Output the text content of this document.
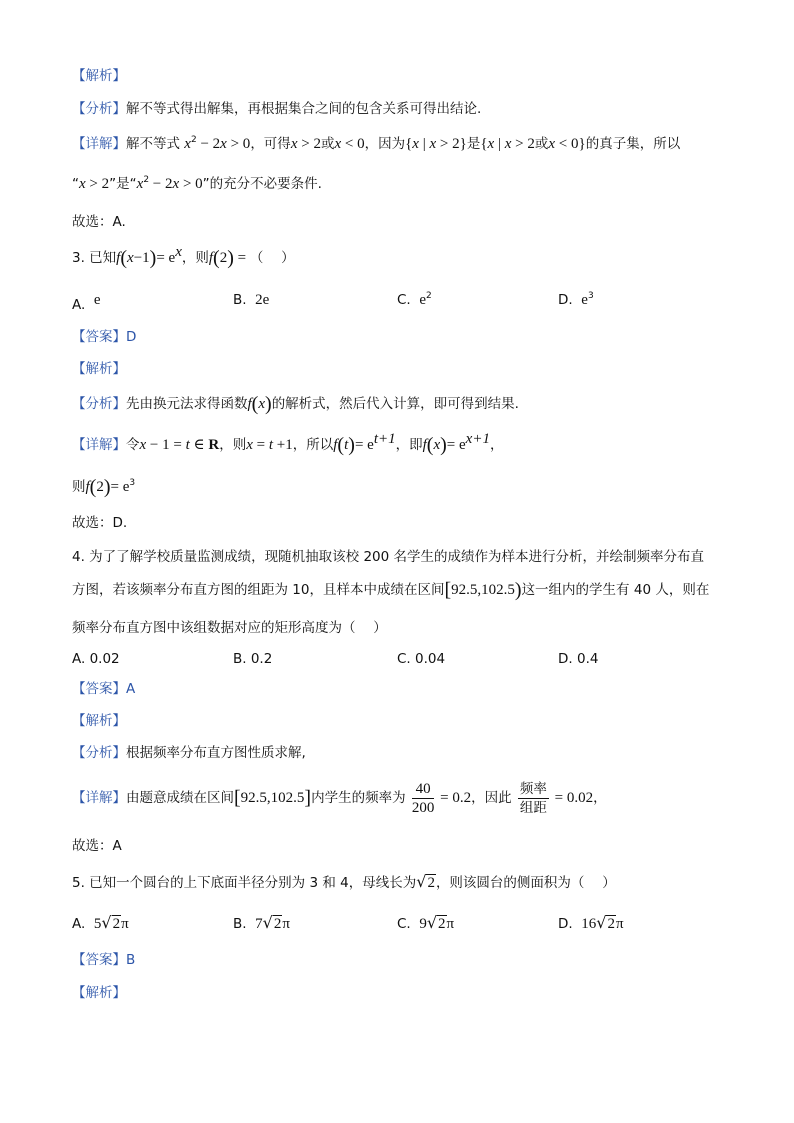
【解析】
【分析】解不等式得出解集，再根据集合之间的包含关系可得出结论.
【详解】解不等式 $x^2 - 2x > 0$，可得x > 2或x < 0，因为{x | x > 2}是{x | x > 2或x < 0}的真子集，所以
“x > 2”是“$x^2 - 2x > 0$”的充分不必要条件.
故选：A.
3. 已知$f(x-1)= e^x$，则f(2) = （　 ）
A. e	B. 2e	C. $e^2$	D. $e^3$
【答案】D
【解析】
【分析】先由换元法求得函数f(x)的解析式，然后代入计算，即可得到结果.
【详解】令x − 1 = t ∈ R，则x = t +1，所以$f(t)= e^{t+1}$，即$f(x)= e^{x+1}$，
则$f(2)= e^3$
故选：D.
4. 为了了解学校质量监测成绩，现随机抽取该校 200 名学生的成绩作为样本进行分析，并绘制频率分布直
方图，若该频率分布直方图的组距为 10，且样本中成绩在区间[92.5,102.5)这一组内的学生有 40 人，则在
频率分布直方图中该组数据对应的矩形高度为（　 ）
A. 0.02	B. 0.2	C. 0.04	D. 0.4
【答案】A
【解析】
【分析】根据频率分布直方图性质求解,
【详解】由题意成绩在区间[92.5,102.5]内学生的频率为 $\frac{40}{200} = 0.2$，因此 $\frac{\text{频率}}{\text{组距}} = 0.02$，
故选：A
5. 已知一个圆台的上下底面半径分别为 3 和 4，母线长为√2，则该圆台的侧面积为（　 ）
A. 5√2π	B. 7√2π	C. 9√2π	D. 16√2π
【答案】B
【解析】
